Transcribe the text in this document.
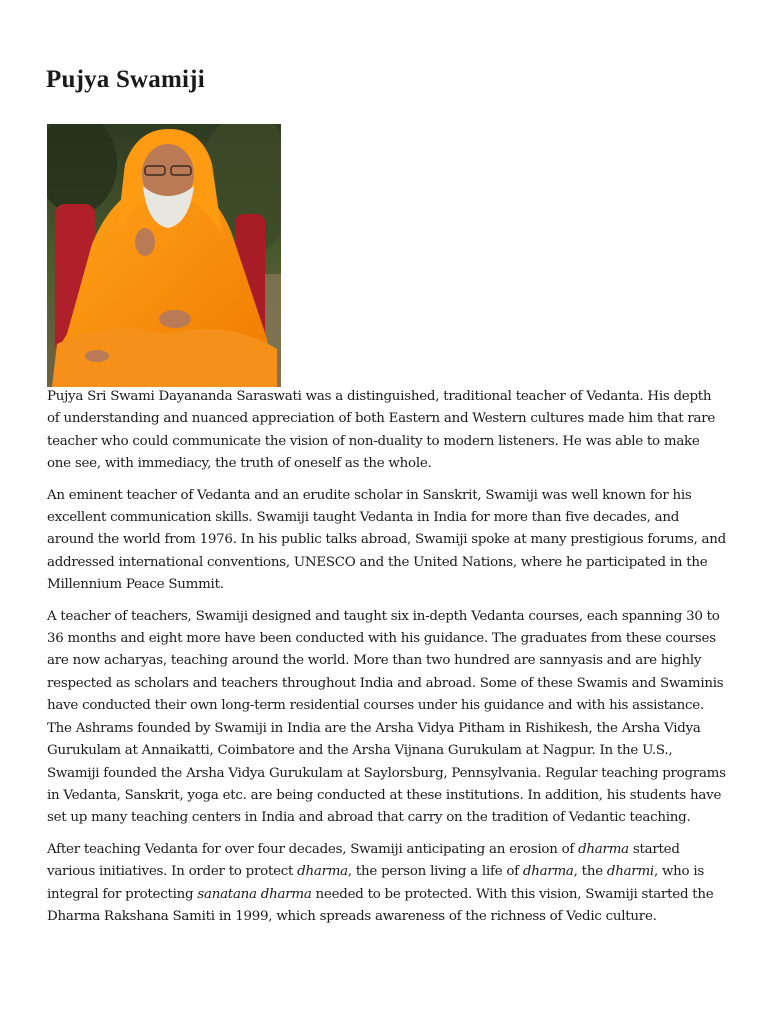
Pujya Swamiji

Pujya Sri Swami Dayananda Saraswati was a distinguished, traditional teacher of Vedanta. His depth of understanding and nuanced appreciation of both Eastern and Western cultures made him that rare teacher who could communicate the vision of non-duality to modern listeners. He was able to make one see, with immediacy, the truth of oneself as the whole.

An eminent teacher of Vedanta and an erudite scholar in Sanskrit, Swamiji was well known for his excellent communication skills. Swamiji taught Vedanta in India for more than five decades, and around the world from 1976. In his public talks abroad, Swamiji spoke at many prestigious forums, and addressed international conventions, UNESCO and the United Nations, where he participated in the Millennium Peace Summit.

A teacher of teachers, Swamiji designed and taught six in-depth Vedanta courses, each spanning 30 to 36 months and eight more have been conducted with his guidance. The graduates from these courses are now acharyas, teaching around the world. More than two hundred are sannyasis and are highly respected as scholars and teachers throughout India and abroad. Some of these Swamis and Swaminis have conducted their own long-term residential courses under his guidance and with his assistance. The Ashrams founded by Swamiji in India are the Arsha Vidya Pitham in Rishikesh, the Arsha Vidya Gurukulam at Annaikatti, Coimbatore and the Arsha Vijnana Gurukulam at Nagpur. In the U.S., Swamiji founded the Arsha Vidya Gurukulam at Saylorsburg, Pennsylvania. Regular teaching programs in Vedanta, Sanskrit, yoga etc. are being conducted at these institutions. In addition, his students have set up many teaching centers in India and abroad that carry on the tradition of Vedantic teaching.

After teaching Vedanta for over four decades, Swamiji anticipating an erosion of dharma started various initiatives. In order to protect dharma, the person living a life of dharma, the dharmi, who is integral for protecting sanatana dharma needed to be protected. With this vision, Swamiji started the Dharma Rakshana Samiti in 1999, which spreads awareness of the richness of Vedic culture.
